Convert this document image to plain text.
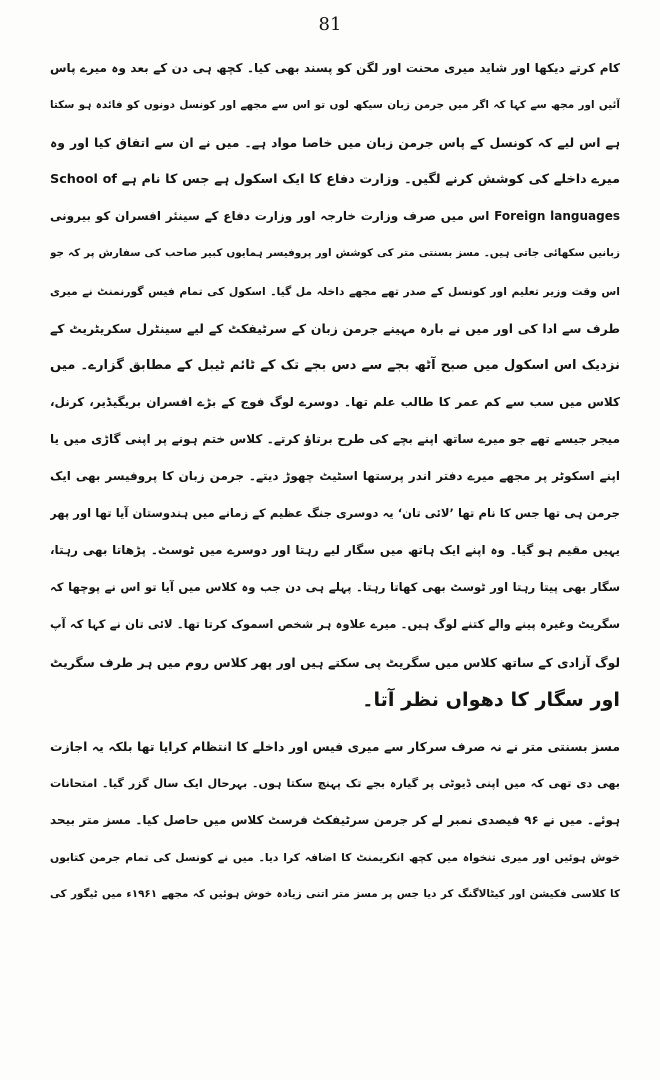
81
کام کرتے دیکھا اور شاید میری محنت اور لگن کو پسند بھی کیا۔ کچھ ہی دن کے بعد وہ میرے پاس
آئیں اور مجھ سے کہا کہ اگر میں جرمن زبان سیکھ لوں تو اس سے مجھے اور کونسل دونوں کو فائدہ ہو سکتا
ہے اس لیے کہ کونسل کے پاس جرمن زبان میں خاصا مواد ہے۔ میں نے ان سے اتفاق کیا اور وہ
میرے داخلے کی کوشش کرنے لگیں۔ وزارت دفاع کا ایک اسکول ہے جس کا نام ہے School of
Foreign languages اس میں صرف وزارت خارجہ اور وزارت دفاع کے سینئر افسران کو بیرونی
زبانیں سکھائی جاتی ہیں۔ مسز بسنتی متر کی کوشش اور پروفیسر ہمایوں کبیر صاحب کی سفارش پر کہ جو
اس وقت وزیر تعلیم اور کونسل کے صدر تھے مجھے داخلہ مل گیا۔ اسکول کی تمام فیس گورنمنٹ نے میری
طرف سے ادا کی اور میں نے بارہ مہینے جرمن زبان کے سرٹیفکٹ کے لیے سینٹرل سکریٹریٹ کے
نزدیک اس اسکول میں صبح آٹھ بجے سے دس بجے تک کے ٹائم ٹیبل کے مطابق گزارے۔ میں
کلاس میں سب سے کم عمر کا طالب علم تھا۔ دوسرے لوگ فوج کے بڑے افسران بریگیڈیر، کرنل،
میجر جیسے تھے جو میرے ساتھ اپنے بچے کی طرح برتاؤ کرتے۔ کلاس ختم ہونے پر اپنی گاڑی میں یا
اپنے اسکوٹر پر مجھے میرے دفتر اندر پرستھا اسٹیٹ چھوڑ دیتے۔ جرمن زبان کا پروفیسر بھی ایک
جرمن ہی تھا جس کا نام تھا ’لائی تان‘ یہ دوسری جنگ عظیم کے زمانے میں ہندوستان آیا تھا اور پھر
یہیں مقیم ہو گیا۔ وہ اپنے ایک ہاتھ میں سگار لیے رہتا اور دوسرے میں ٹوسٹ۔ پڑھاتا بھی رہتا،
سگار بھی پیتا رہتا اور ٹوسٹ بھی کھاتا رہتا۔ پہلے ہی دن جب وہ کلاس میں آیا تو اس نے پوچھا کہ
سگریٹ وغیرہ پینے والے کتنے لوگ ہیں۔ میرے علاوہ ہر شخص اسموک کرتا تھا۔ لائی تان نے کہا کہ آپ
لوگ آزادی کے ساتھ کلاس میں سگریٹ پی سکتے ہیں اور پھر کلاس روم میں ہر طرف سگریٹ
اور سگار کا دھواں نظر آتا۔
مسز بسنتی متر نے نہ صرف سرکار سے میری فیس اور داخلے کا انتظام کرایا تھا بلکہ یہ اجازت
بھی دی تھی کہ میں اپنی ڈیوٹی پر گیارہ بجے تک پہنچ سکتا ہوں۔ بہرحال ایک سال گزر گیا۔ امتحانات
ہوئے۔ میں نے ۹۶ فیصدی نمبر لے کر جرمن سرٹیفکٹ فرسٹ کلاس میں حاصل کیا۔ مسز متر بیحد
خوش ہوئیں اور میری تنخواہ میں کچھ انکریمنٹ کا اضافہ کرا دیا۔ میں نے کونسل کی تمام جرمن کتابوں
کا کلاسی فکیشن اور کیٹالاگنگ کر دیا جس پر مسز متر اتنی زیادہ خوش ہوئیں کہ مجھے ۱۹۶۱ء میں ٹیگور کی
